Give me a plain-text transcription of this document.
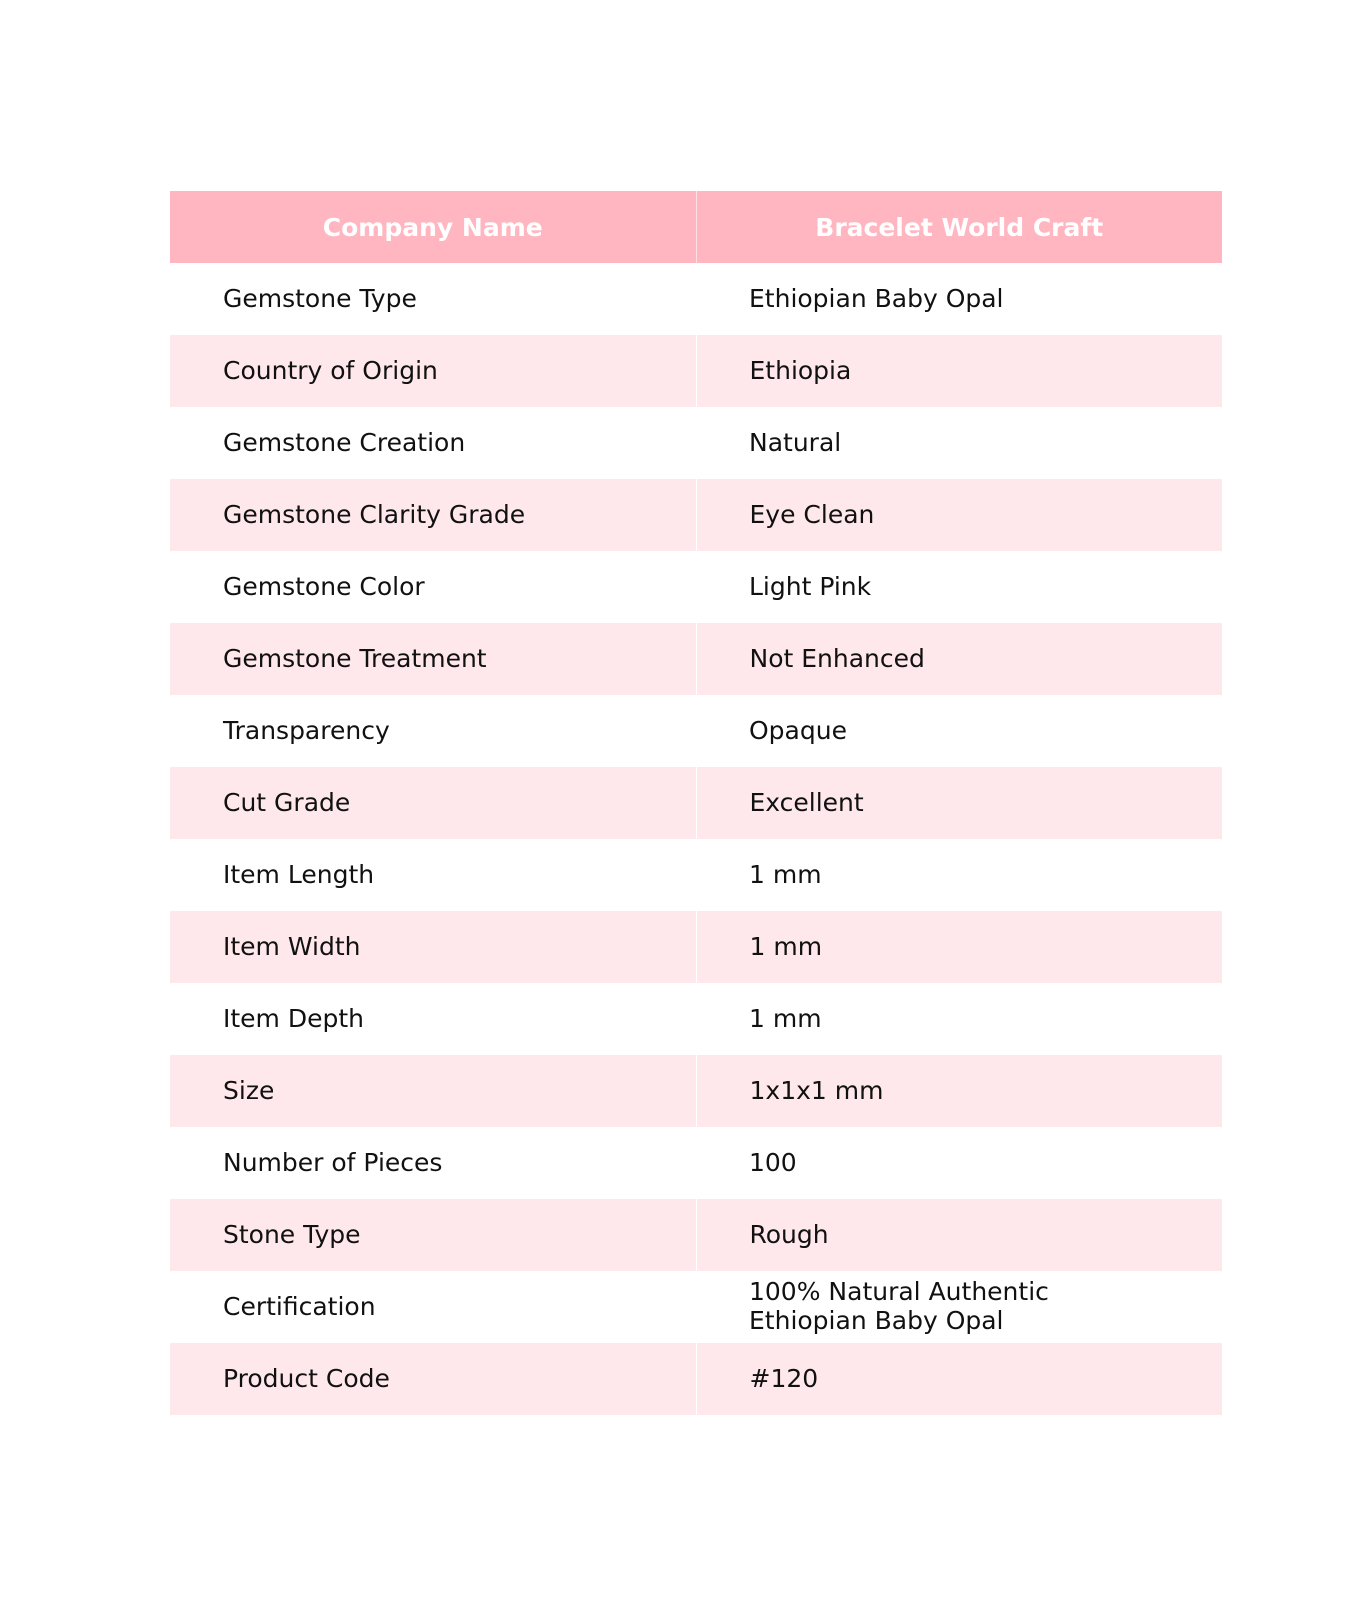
Company Name	Bracelet World Craft
Gemstone Type	Ethiopian Baby Opal
Country of Origin	Ethiopia
Gemstone Creation	Natural
Gemstone Clarity Grade	Eye Clean
Gemstone Color	Light Pink
Gemstone Treatment	Not Enhanced
Transparency	Opaque
Cut Grade	Excellent
Item Length	1 mm
Item Width	1 mm
Item Depth	1 mm
Size	1x1x1 mm
Number of Pieces	100
Stone Type	Rough
Certification	100% Natural Authentic
Ethiopian Baby Opal
Product Code	#120
